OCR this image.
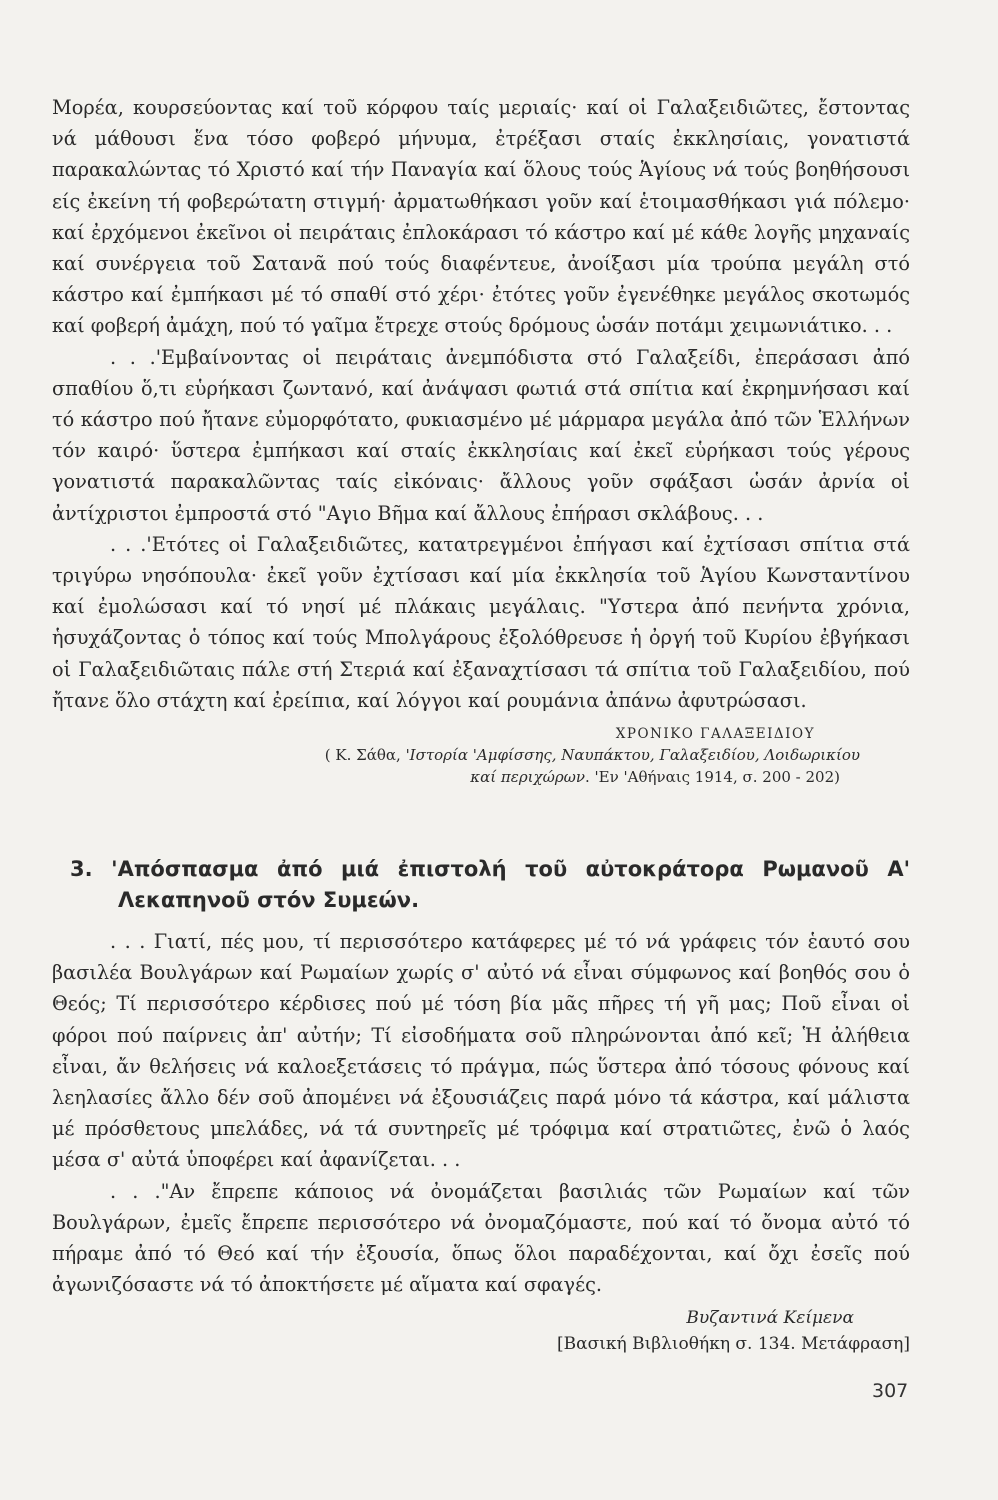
Μορέα, κουρσεύοντας καί τοῦ κόρφου ταίς μεριαίς· καί οἱ Γαλαξειδιῶτες, ἔστοντας νά μάθουσι ἕνα τόσο φοβερό μήνυμα, ἐτρέξασι σταίς ἐκκλησίαις, γονατιστά παρακαλώντας τό Χριστό καί τήν Παναγία καί ὅλους τούς Ἁγίους νά τούς βοηθήσουσι είς ἐκείνη τή φοβερώτατη στιγμή· ἀρματωθήκασι γοῦν καί ἑτοιμασθήκασι γιά πόλεμο· καί ἐρχόμενοι ἐκεῖνοι οἱ πειράταις ἐπλοκάρασι τό κάστρο καί μέ κάθε λογῆς μηχαναίς καί συνέργεια τοῦ Σατανᾶ πού τούς διαφέντευε, ἀνοίξασι μία τρούπα μεγάλη στό κάστρο καί ἐμπήκασι μέ τό σπαθί στό χέρι· ἐτότες γοῦν ἐγενέθηκε μεγάλος σκοτωμός καί φοβερή ἀμάχη, πού τό γαῖμα ἔτρεχε στούς δρόμους ὡσάν ποτάμι χειμωνιάτικο. . .

. . .'Εμβαίνοντας οἱ πειράταις ἀνεμπόδιστα στό Γαλαξείδι, ἐπεράσασι ἀπό σπαθίου ὅ,τι εὑρήκασι ζωντανό, καί ἀνάψασι φωτιά στά σπίτια καί ἐκρημνήσασι καί τό κάστρο πού ἤτανε εὐμορφότατο, φυκιασμένο μέ μάρμαρα μεγάλα ἀπό τῶν Ἑλλήνων τόν καιρό· ὕστερα ἐμπήκασι καί σταίς ἐκκλησίαις καί ἐκεῖ εὑρήκασι τούς γέρους γονατιστά παρακαλῶντας ταίς εἰκόναις· ἄλλους γοῦν σφάξασι ὡσάν ἀρνία οἱ ἀντίχριστοι ἐμπροστά στό "Αγιο Βῆμα καί ἄλλους ἐπήρασι σκλάβους. . .

. . .'Ετότες οἱ Γαλαξειδιῶτες, κατατρεγμένοι ἐπήγασι καί ἐχτίσασι σπίτια στά τριγύρω νησόπουλα· ἐκεῖ γοῦν ἐχτίσασι καί μία ἐκκλησία τοῦ Ἁγίου Κωνσταντίνου καί ἐμολώσασι καί τό νησί μέ πλάκαις μεγάλαις. "Υστερα ἀπό πενήντα χρόνια, ἡσυχάζοντας ὁ τόπος καί τούς Μπολγάρους ἐξολόθρευσε ἡ ὀργή τοῦ Κυρίου ἐβγήκασι οἱ Γαλαξειδιῶταις πάλε στή Στεριά καί ἐξαναχτίσασι τά σπίτια τοῦ Γαλαξειδίου, πού ἤτανε ὅλο στάχτη καί ἐρείπια, καί λόγγοι καί ρουμάνια ἀπάνω ἀφυτρώσασι.

ΧΡΟΝΙΚΟ ΓΑΛΑΞΕΙΔΙΟΥ
( Κ. Σάθα, 'Ιστορία 'Αμφίσσης, Ναυπάκτου, Γαλαξειδίου, Λοιδωρικίου
καί περιχώρων. 'Εν 'Αθήναις 1914, σ. 200 - 202)
3. 'Απόσπασμα ἀπό μιά ἐπιστολή τοῦ αὐτοκράτορα Ρωμανοῦ Α' Λεκαπηνοῦ στόν Συμεών.

. . . Γιατί, πές μου, τί περισσότερο κατάφερες μέ τό νά γράφεις τόν ἑαυτό σου βασιλέα Βουλγάρων καί Ρωμαίων χωρίς σ' αὐτό νά εἶναι σύμφωνος καί βοηθός σου ὁ Θεός; Τί περισσότερο κέρδισες πού μέ τόση βία μᾶς πῆρες τή γῆ μας; Ποῦ εἶναι οἱ φόροι πού παίρνεις ἀπ' αὐτήν; Τί εἰσοδήματα σοῦ πληρώνονται ἀπό κεῖ; Ἡ ἀλήθεια εἶναι, ἄν θελήσεις νά καλοεξετάσεις τό πράγμα, πώς ὕστερα ἀπό τόσους φόνους καί λεηλασίες ἄλλο δέν σοῦ ἀπομένει νά ἐξουσιάζεις παρά μόνο τά κάστρα, καί μάλιστα μέ πρόσθετους μπελάδες, νά τά συντηρεῖς μέ τρόφιμα καί στρατιῶτες, ἐνῶ ὁ λαός μέσα σ' αὐτά ὑποφέρει καί ἀφανίζεται. . .

. . ."Αν ἔπρεπε κάποιος νά ὀνομάζεται βασιλιάς τῶν Ρωμαίων καί τῶν Βουλγάρων, ἐμεῖς ἔπρεπε περισσότερο νά ὀνομαζόμαστε, πού καί τό ὄνομα αὐτό τό πήραμε ἀπό τό Θεό καί τήν ἐξουσία, ὅπως ὅλοι παραδέχονται, καί ὄχι ἐσεῖς πού ἀγωνιζόσαστε νά τό ἀποκτήσετε μέ αἵματα καί σφαγές.

Βυζαντινά Κείμενα
[Βασική Βιβλιοθήκη σ. 134. Μετάφραση]
307
